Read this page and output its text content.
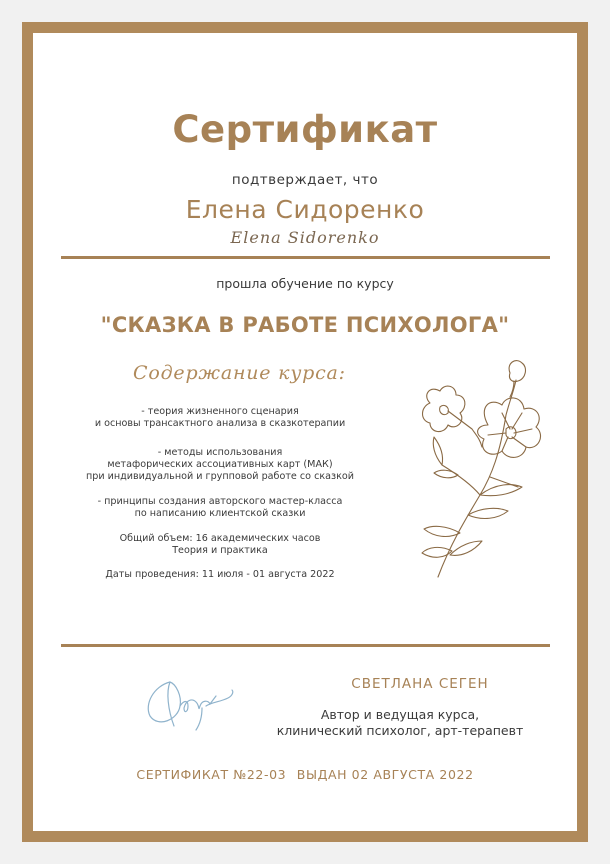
Сертификат
подтверждает, что
Елена Сидоренко
Elena Sidorenko
прошла обучение по курсу
"СКАЗКА В РАБОТЕ ПСИХОЛОГА"
Содержание курса:
- теория жизненного сценария
и основы трансактного анализа в сказкотерапии
- методы использования
метафорических ассоциативных карт (МАК)
при индивидуальной и групповой работе со сказкой
- принципы создания авторского мастер-класса
по написанию клиентской сказки
Общий объем: 16 академических часов
Теория и практика
Даты проведения: 11 июля - 01 августа 2022
СВЕТЛАНА СЕГЕН
Автор и ведущая курса,
клинический психолог, арт-терапевт
СЕРТИФИКАТ №22-03 ВЫДАН 02 АВГУСТА 2022
